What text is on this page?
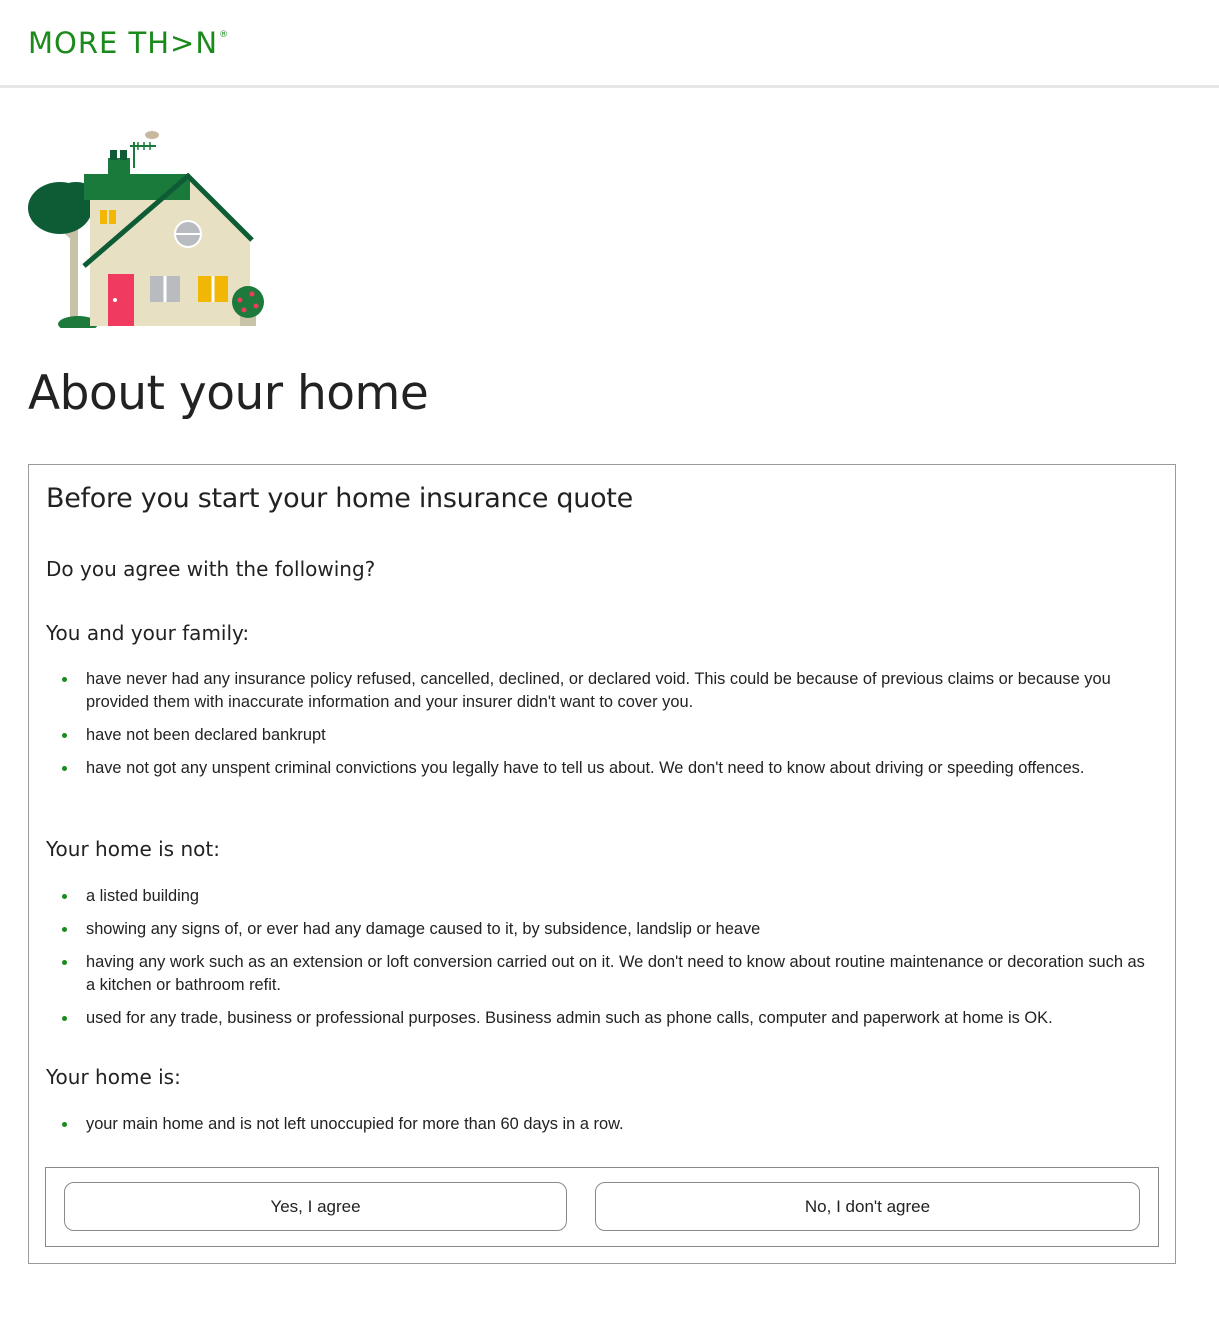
MORE TH>N®
About your home
Before you start your home insurance quote

Do you agree with the following?

You and your family:
have never had any insurance policy refused, cancelled, declined, or declared void. This could be because of previous claims or because you provided them with inaccurate information and your insurer didn't want to cover you.
have not been declared bankrupt
have not got any unspent criminal convictions you legally have to tell us about. We don't need to know about driving or speeding offences.
Your home is not:
a listed building
showing any signs of, or ever had any damage caused to it, by subsidence, landslip or heave
having any work such as an extension or loft conversion carried out on it. We don't need to know about routine maintenance or decoration such as a kitchen or bathroom refit.
used for any trade, business or professional purposes. Business admin such as phone calls, computer and paperwork at home is OK.
Your home is:
your main home and is not left unoccupied for more than 60 days in a row.
Yes, I agree	No, I don't agree
